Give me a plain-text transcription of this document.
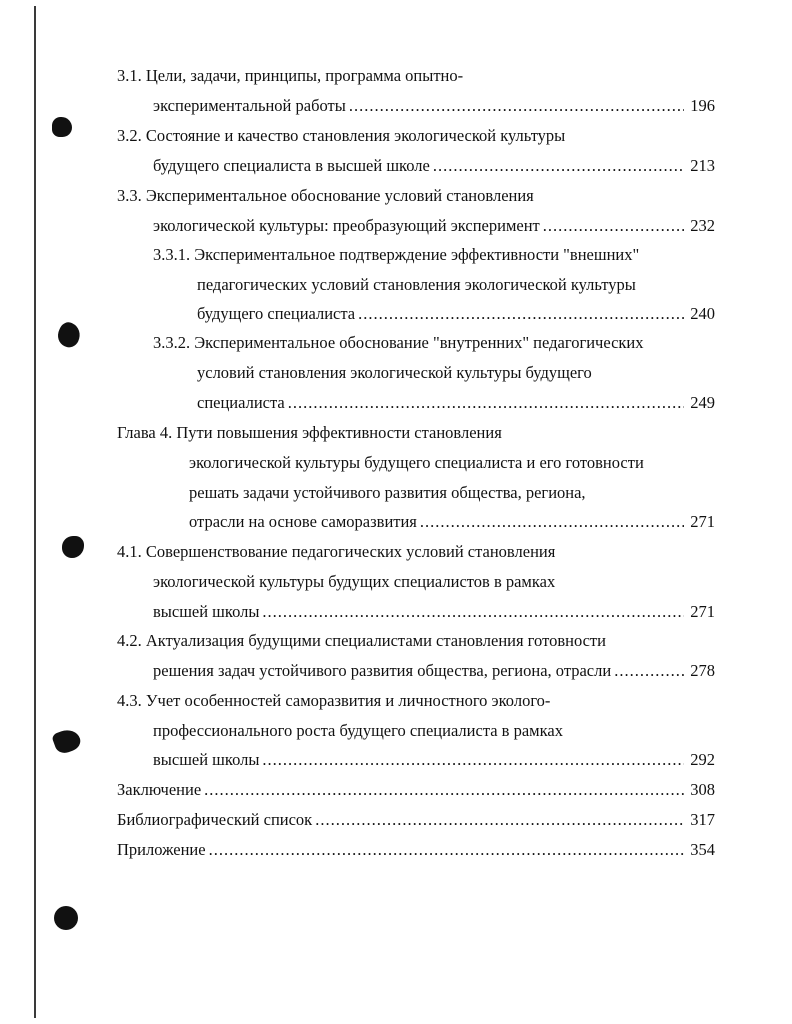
3.1. Цели, задачи, принципы, программа опытно-
экспериментальной работы .....	196
3.2. Состояние и качество становления экологической культуры
будущего специалиста в высшей школе .....	213
3.3. Экспериментальное обоснование условий становления
экологической культуры: преобразующий эксперимент .....	232
3.3.1. Экспериментальное подтверждение эффективности "внешних"
педагогических условий становления экологической культуры
будущего специалиста .....	240
3.3.2. Экспериментальное обоснование "внутренних" педагогических
условий становления экологической культуры будущего
специалиста .....	249
Глава 4. Пути повышения эффективности становления
экологической культуры будущего специалиста и его готовности
решать задачи устойчивого развития общества, региона,
отрасли на основе саморазвития .....	271
4.1. Совершенствование педагогических условий становления
экологической культуры будущих специалистов в рамках
высшей школы .....	271
4.2. Актуализация будущими специалистами становления готовности
решения задач устойчивого развития общества, региона, отрасли .....	278
4.3. Учет особенностей саморазвития и личностного эколого-
профессионального роста будущего специалиста в рамках
высшей школы .....	292
Заключение .....	308
Библиографический список .....	317
Приложение .....	354
